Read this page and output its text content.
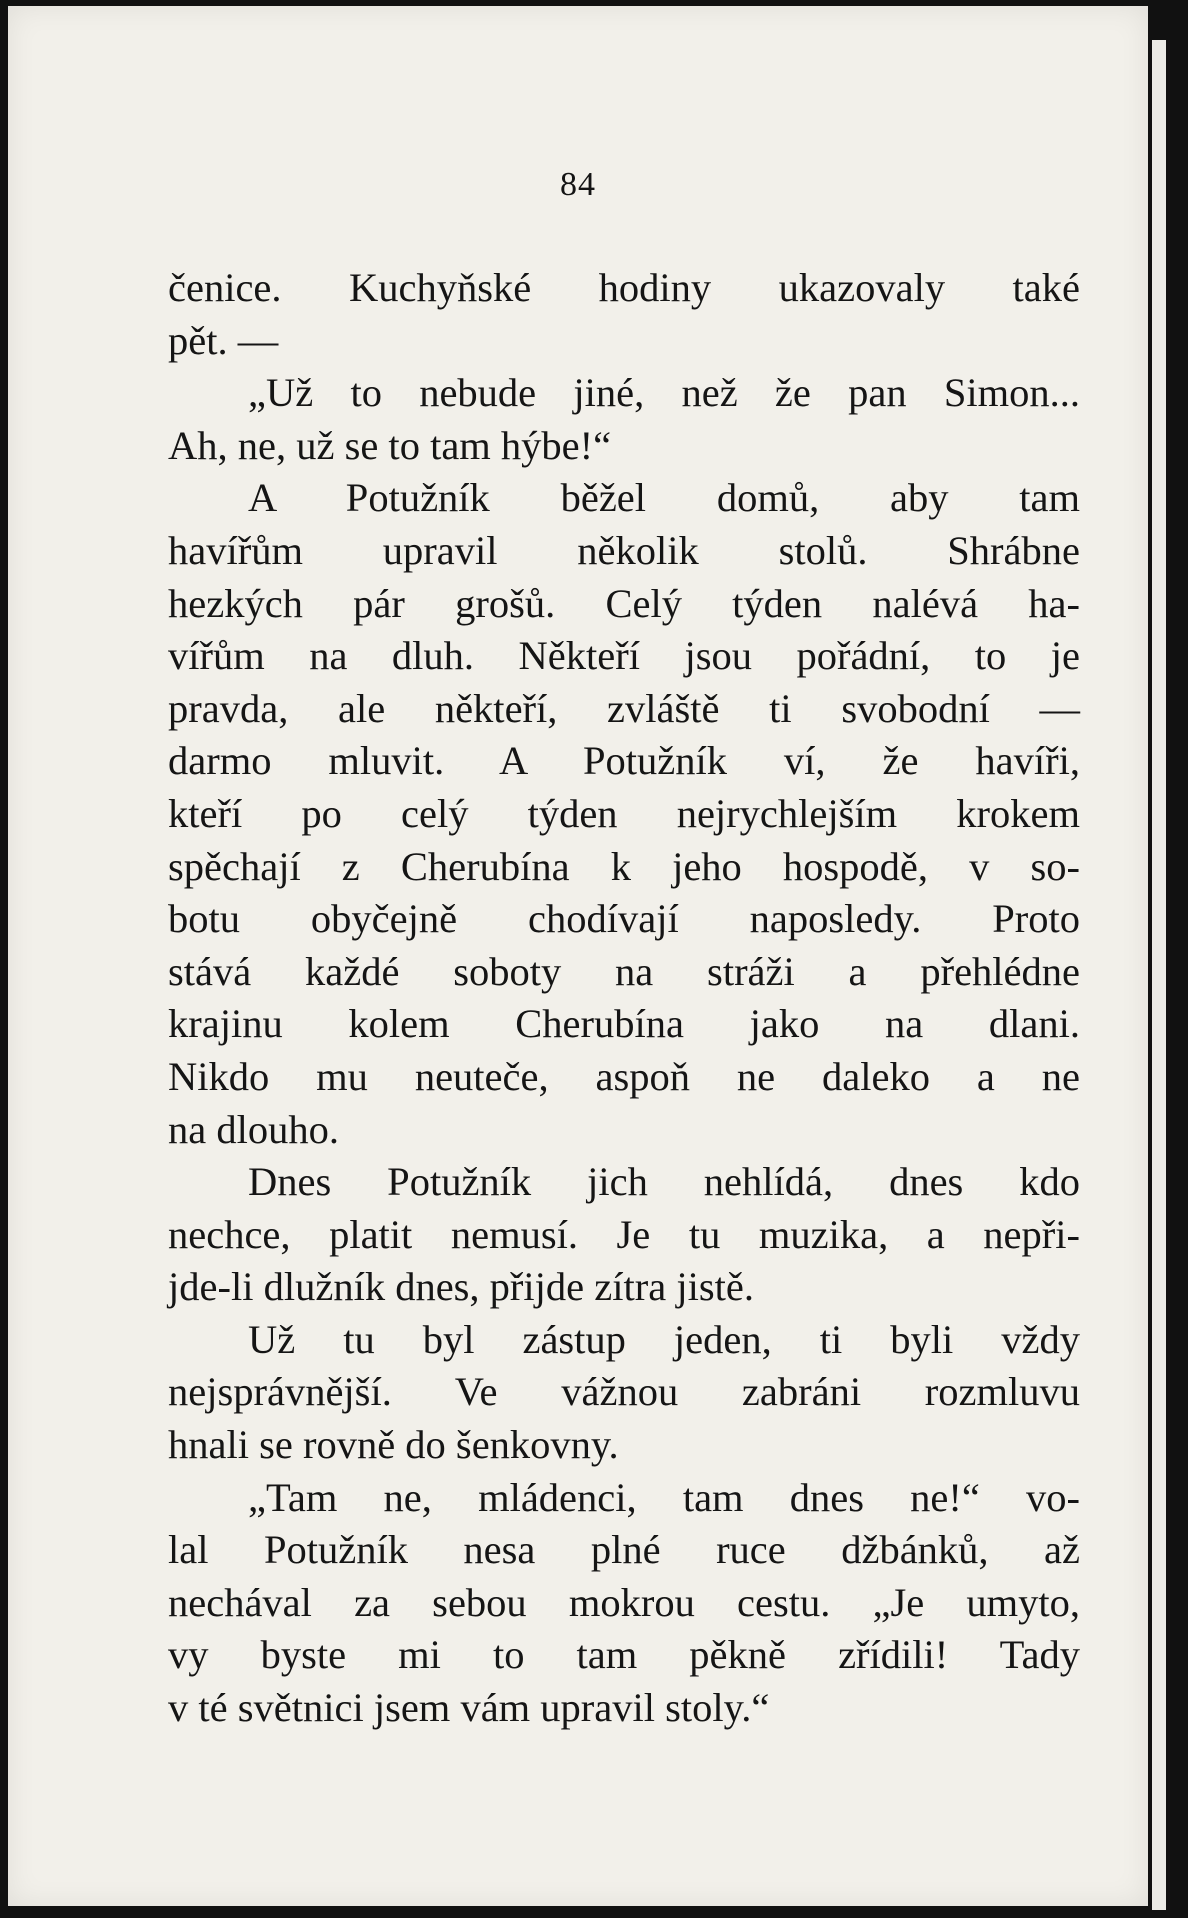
84
čenice. Kuchyňské hodiny ukazovaly také
pět. —
„Už to nebude jiné, než že pan Simon...
Ah, ne, už se to tam hýbe!“
A Potužník běžel domů, aby tam
havířům upravil několik stolů. Shrábne
hezkých pár grošů. Celý týden nalévá ha-
vířům na dluh. Někteří jsou pořádní, to je
pravda, ale někteří, zvláště ti svobodní —
darmo mluvit. A Potužník ví, že havíři,
kteří po celý týden nejrychlejším krokem
spěchají z Cherubína k jeho hospodě, v so-
botu obyčejně chodívají naposledy. Proto
stává každé soboty na stráži a přehlédne
krajinu kolem Cherubína jako na dlani.
Nikdo mu neuteče, aspoň ne daleko a ne
na dlouho.
Dnes Potužník jich nehlídá, dnes kdo
nechce, platit nemusí. Je tu muzika, a nepři-
jde-li dlužník dnes, přijde zítra jistě.
Už tu byl zástup jeden, ti byli vždy
nejsprávnější. Ve vážnou zabráni rozmluvu
hnali se rovně do šenkovny.
„Tam ne, mládenci, tam dnes ne!“ vo-
lal Potužník nesa plné ruce džbánků, až
nechával za sebou mokrou cestu. „Je umyto,
vy byste mi to tam pěkně zřídili! Tady
v té světnici jsem vám upravil stoly.“
